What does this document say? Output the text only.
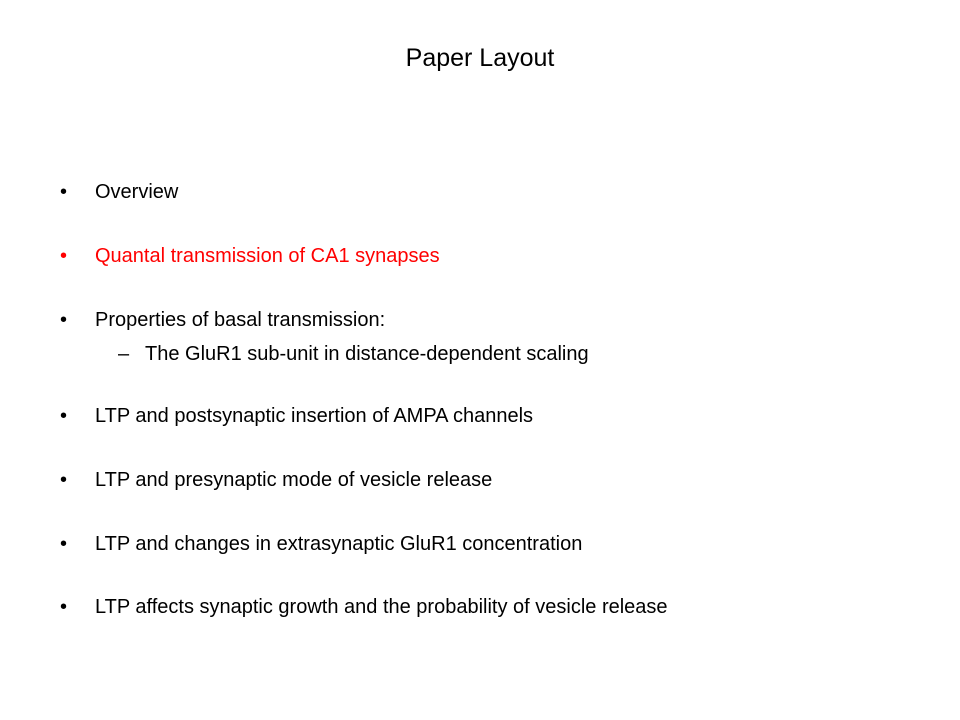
Paper Layout
• Overview
• Quantal transmission of CA1 synapses
• Properties of basal transmission:
– The GluR1 sub-unit in distance-dependent scaling
• LTP and postsynaptic insertion of AMPA channels
• LTP and presynaptic mode of vesicle release
• LTP and changes in extrasynaptic GluR1 concentration
• LTP affects synaptic growth and the probability of vesicle release
